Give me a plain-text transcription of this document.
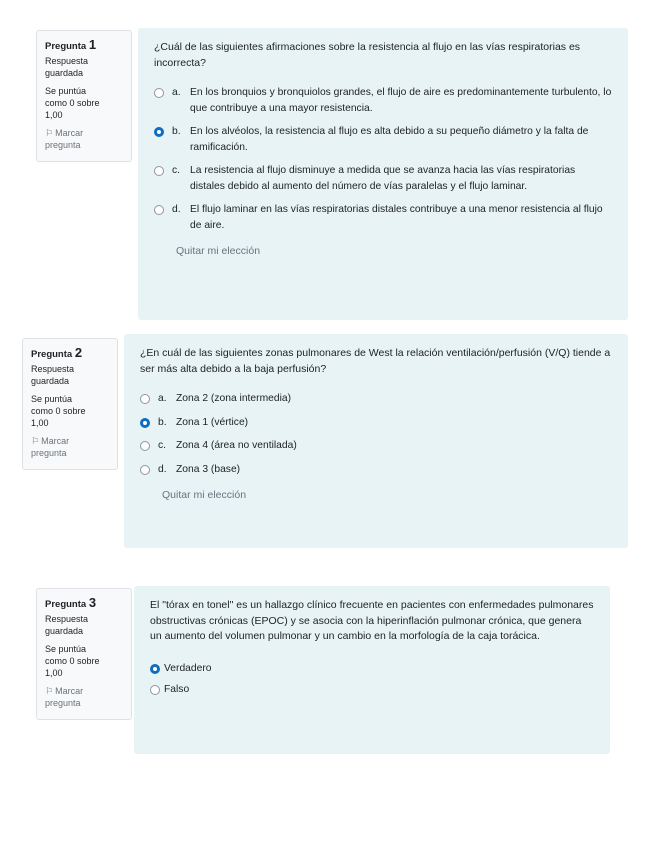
Pregunta 1
Respuesta
guardada
Se puntúa
como 0 sobre
1,00
⚐ Marcar
pregunta
¿Cuál de las siguientes afirmaciones sobre la resistencia al flujo en las vías respiratorias es incorrecta?
a. En los bronquios y bronquiolos grandes, el flujo de aire es predominantemente turbulento, lo que contribuye a una mayor resistencia.
b. En los alvéolos, la resistencia al flujo es alta debido a su pequeño diámetro y la falta de ramificación.
c. La resistencia al flujo disminuye a medida que se avanza hacia las vías respiratorias distales debido al aumento del número de vías paralelas y el flujo laminar.
d. El flujo laminar en las vías respiratorias distales contribuye a una menor resistencia al flujo de aire.
Quitar mi elección
Pregunta 2
Respuesta
guardada
Se puntúa
como 0 sobre
1,00
⚐ Marcar
pregunta
¿En cuál de las siguientes zonas pulmonares de West la relación ventilación/perfusión (V/Q) tiende a ser más alta debido a la baja perfusión?
a. Zona 2 (zona intermedia)
b. Zona 1 (vértice)
c. Zona 4 (área no ventilada)
d. Zona 3 (base)
Quitar mi elección
Pregunta 3
Respuesta
guardada
Se puntúa
como 0 sobre
1,00
⚐ Marcar
pregunta
El "tórax en tonel" es un hallazgo clínico frecuente en pacientes con enfermedades pulmonares obstructivas crónicas (EPOC) y se asocia con la hiperinflación pulmonar crónica, que genera un aumento del volumen pulmonar y un cambio en la morfología de la caja torácica.
Verdadero
Falso
